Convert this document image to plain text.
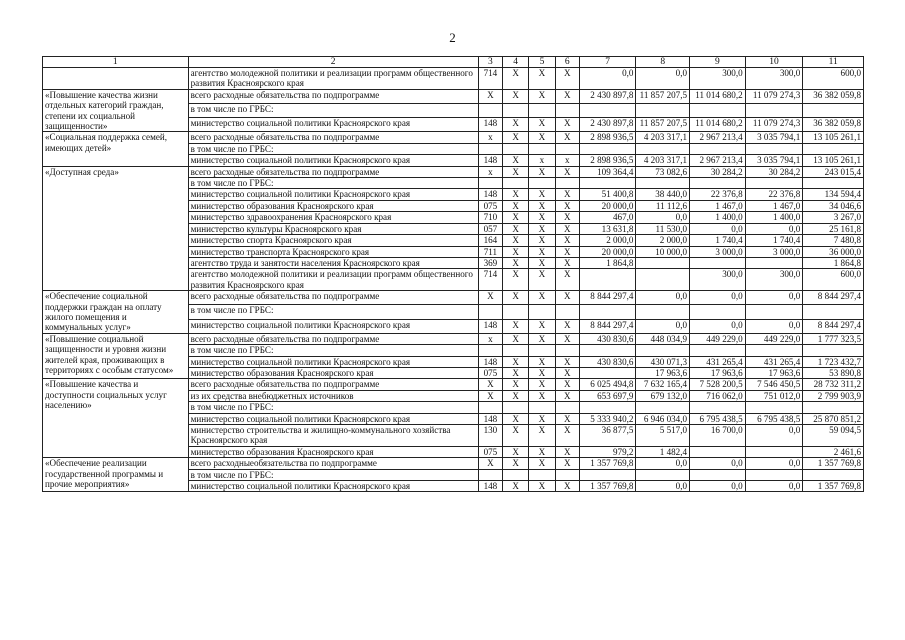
2
1	2	3	4	5	6	7	8	9	10	11
	агентство молодежной политики и реализации программ общественного развития Красноярского края	714	Х	Х	Х	0,0	0,0	300,0	300,0	600,0
«Повышение качества жизни отдельных категорий граждан, степени их социальной защищенности»	всего расходные обязательства по подпрограмме	Х	Х	Х	Х	2 430 897,8	11 857 207,5	11 014 680,2	11 079 274,3	36 382 059,8
	в том числе по ГРБС:									
	министерство социальной политики Красноярского края	148	Х	Х	Х	2 430 897,8	11 857 207,5	11 014 680,2	11 079 274,3	36 382 059,8
«Социальная поддержка семей, имеющих детей»	всего расходные обязательства по подпрограмме	х	Х	Х	Х	2 898 936,5	4 203 317,1	2 967 213,4	3 035 794,1	13 105 261,1
	в том числе по ГРБС:									
	министерство социальной политики Красноярского края	148	Х	х	х	2 898 936,5	4 203 317,1	2 967 213,4	3 035 794,1	13 105 261,1
«Доступная среда»	всего расходные обязательства по подпрограмме	х	Х	Х	Х	109 364,4	73 082,6	30 284,2	30 284,2	243 015,4
	в том числе по ГРБС:									
	министерство социальной политики Красноярского края	148	Х	Х	Х	51 400,8	38 440,0	22 376,8	22 376,8	134 594,4
	министерство образования Красноярского края	075	Х	Х	Х	20 000,0	11 112,6	1 467,0	1 467,0	34 046,6
	министерство здравоохранения Красноярского края	710	Х	Х	Х	467,0	0,0	1 400,0	1 400,0	3 267,0
	министерство культуры Красноярского края	057	Х	Х	Х	13 631,8	11 530,0	0,0	0,0	25 161,8
	министерство спорта Красноярского края	164	Х	Х	Х	2 000,0	2 000,0	1 740,4	1 740,4	7 480,8
	министерство транспорта Красноярского края	711	Х	Х	Х	20 000,0	10 000,0	3 000,0	3 000,0	36 000,0
	агентство труда и занятости населения Красноярского края	369	Х	Х	Х	1 864,8				1 864,8
	агентство молодежной политики и реализации программ общественного развития Красноярского края	714	Х	Х	Х			300,0	300,0	600,0
«Обеспечение социальной поддержки граждан на оплату жилого помещения и коммунальных услуг»	всего расходные обязательства по подпрограмме	Х	Х	Х	Х	8 844 297,4	0,0	0,0	0,0	8 844 297,4
	в том числе по ГРБС:									
	министерство социальной политики Красноярского края	148	Х	Х	Х	8 844 297,4	0,0	0,0	0,0	8 844 297,4
«Повышение социальной защищенности и уровня жизни жителей края, проживающих в территориях с особым статусом»	всего расходные обязательства по подпрограмме	х	Х	Х	Х	430 830,6	448 034,9	449 229,0	449 229,0	1 777 323,5
	в том числе по ГРБС:									
	министерство социальной политики Красноярского края	148	Х	Х	Х	430 830,6	430 071,3	431 265,4	431 265,4	1 723 432,7
	министерство образования Красноярского края	075	Х	Х	Х		17 963,6	17 963,6	17 963,6	53 890,8
«Повышение качества и доступности социальных услуг населению»	всего расходные обязательства по подпрограмме	Х	Х	Х	Х	6 025 494,8	7 632 165,4	7 528 200,5	7 546 450,5	28 732 311,2
	из их средства внебюджетных источников	Х	Х	Х	Х	653 697,9	679 132,0	716 062,0	751 012,0	2 799 903,9
	в том числе по ГРБС:									
	министерство социальной политики Красноярского края	148	Х	Х	Х	5 333 940,2	6 946 034,0	6 795 438,5	6 795 438,5	25 870 851,2
	министерство строительства и жилищно-коммунального хозяйства Красноярского края	130	Х	Х	Х	36 877,5	5 517,0	16 700,0	0,0	59 094,5
	министерство образования Красноярского края	075	Х	Х	Х	979,2	1 482,4			2 461,6
«Обеспечение реализации государственной программы и прочие мероприятия»	всего расходныеобязательства по подпрограмме	Х	Х	Х	Х	1 357 769,8	0,0	0,0	0,0	1 357 769,8
	в том числе по ГРБС:									
	министерство социальной политики Красноярского края	148	Х	Х	Х	1 357 769,8	0,0	0,0	0,0	1 357 769,8
